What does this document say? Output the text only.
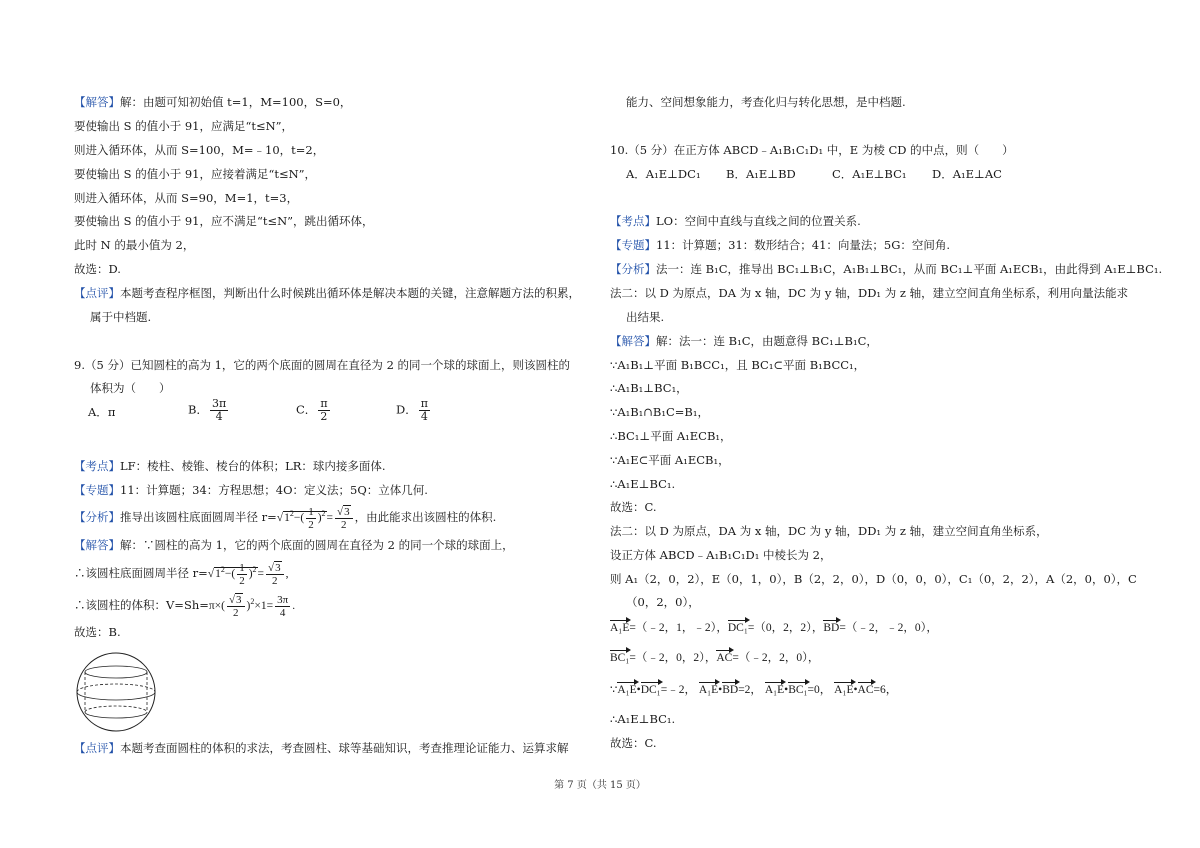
【解答】解：由题可知初始值 t=1，M=100，S=0，
要使输出 S 的值小于 91，应满足“t≤N”，
则进入循环体，从而 S=100，M=﹣10，t=2，
要使输出 S 的值小于 91，应接着满足“t≤N”，
则进入循环体，从而 S=90，M=1，t=3，
要使输出 S 的值小于 91，应不满足“t≤N”，跳出循环体，
此时 N 的最小值为 2，
故选：D.
【点评】本题考查程序框图，判断出什么时候跳出循环体是解决本题的关键，注意解题方法的积累，
属于中档题.
9.（5 分）已知圆柱的高为 1，它的两个底面的圆周在直径为 2 的同一个球的球面上，则该圆柱的
体积为（　　）
A．π	B． $\frac{3\pi}{4}$	C． $\frac{\pi}{2}$	D． $\frac{\pi}{4}$
【考点】LF：棱柱、棱锥、棱台的体积；LR：球内接多面体.
【专题】11：计算题；34：方程思想；4O：定义法；5Q：立体几何.
【分析】推导出该圆柱底面圆周半径 $r=√1^2-( \frac{1}{2} )^2= \frac{√3}{2}$ ，由此能求出该圆柱的体积.
【解答】解：∵圆柱的高为 1，它的两个底面的圆周在直径为 2 的同一个球的球面上，
∴该圆柱底面圆周半径 $r=√1^2-( \frac{1}{2} )^2= \frac{√3}{2}$ ,
∴该圆柱的体积：$V=Sh=\pi\times( \frac{√3}{2} )^2\times 1= \frac{3\pi}{4}$ .
故选：B.
【点评】本题考查面圆柱的体积的求法，考查圆柱、球等基础知识，考查推理论证能力、运算求解
能力、空间想象能力，考查化归与转化思想，是中档题.
10.（5 分）在正方体 ABCD﹣A₁B₁C₁D₁ 中，E 为棱 CD 的中点，则（　　）
A．A₁E⊥DC₁ B．A₁E⊥BD	C．A₁E⊥BC₁ D．A₁E⊥AC
【考点】LO：空间中直线与直线之间的位置关系.
【专题】11：计算题；31：数形结合；41：向量法；5G：空间角.
【分析】法一：连 B₁C，推导出 BC₁⊥B₁C，A₁B₁⊥BC₁，从而 BC₁⊥平面 A₁ECB₁，由此得到 A₁E⊥BC₁.
法二：以 D 为原点，DA 为 x 轴，DC 为 y 轴，DD₁ 为 z 轴，建立空间直角坐标系，利用向量法能求
出结果.
【解答】解：法一：连 B₁C，由题意得 BC₁⊥B₁C，
∵A₁B₁⊥平面 B₁BCC₁，且 BC₁⊂平面 B₁BCC₁，
∴A₁B₁⊥BC₁，
∵A₁B₁∩B₁C=B₁，
∴BC₁⊥平面 A₁ECB₁，
∵A₁E⊂平面 A₁ECB₁，
∴A₁E⊥BC₁.
故选：C.
法二：以 D 为原点，DA 为 x 轴，DC 为 y 轴，DD₁ 为 z 轴，建立空间直角坐标系，
设正方体 ABCD﹣A₁B₁C₁D₁ 中棱长为 2，
则 A₁（2，0，2），E（0，1，0），B（2，2，0），D（0，0，0），C₁（0，2，2），A（2，0，0），C
（0，2，0），
A₁E=（﹣2，1，﹣2），DC₁=（0，2，2），BD=（﹣2，﹣2，0），
BC₁=（﹣2，0，2），AC=（﹣2，2，0），
∵A₁E•DC₁=﹣2， A₁E•BD=2， A₁E•BC₁=0， A₁E•AC=6，
∴A₁E⊥BC₁.
故选：C.
第 7 页（共 15 页）
